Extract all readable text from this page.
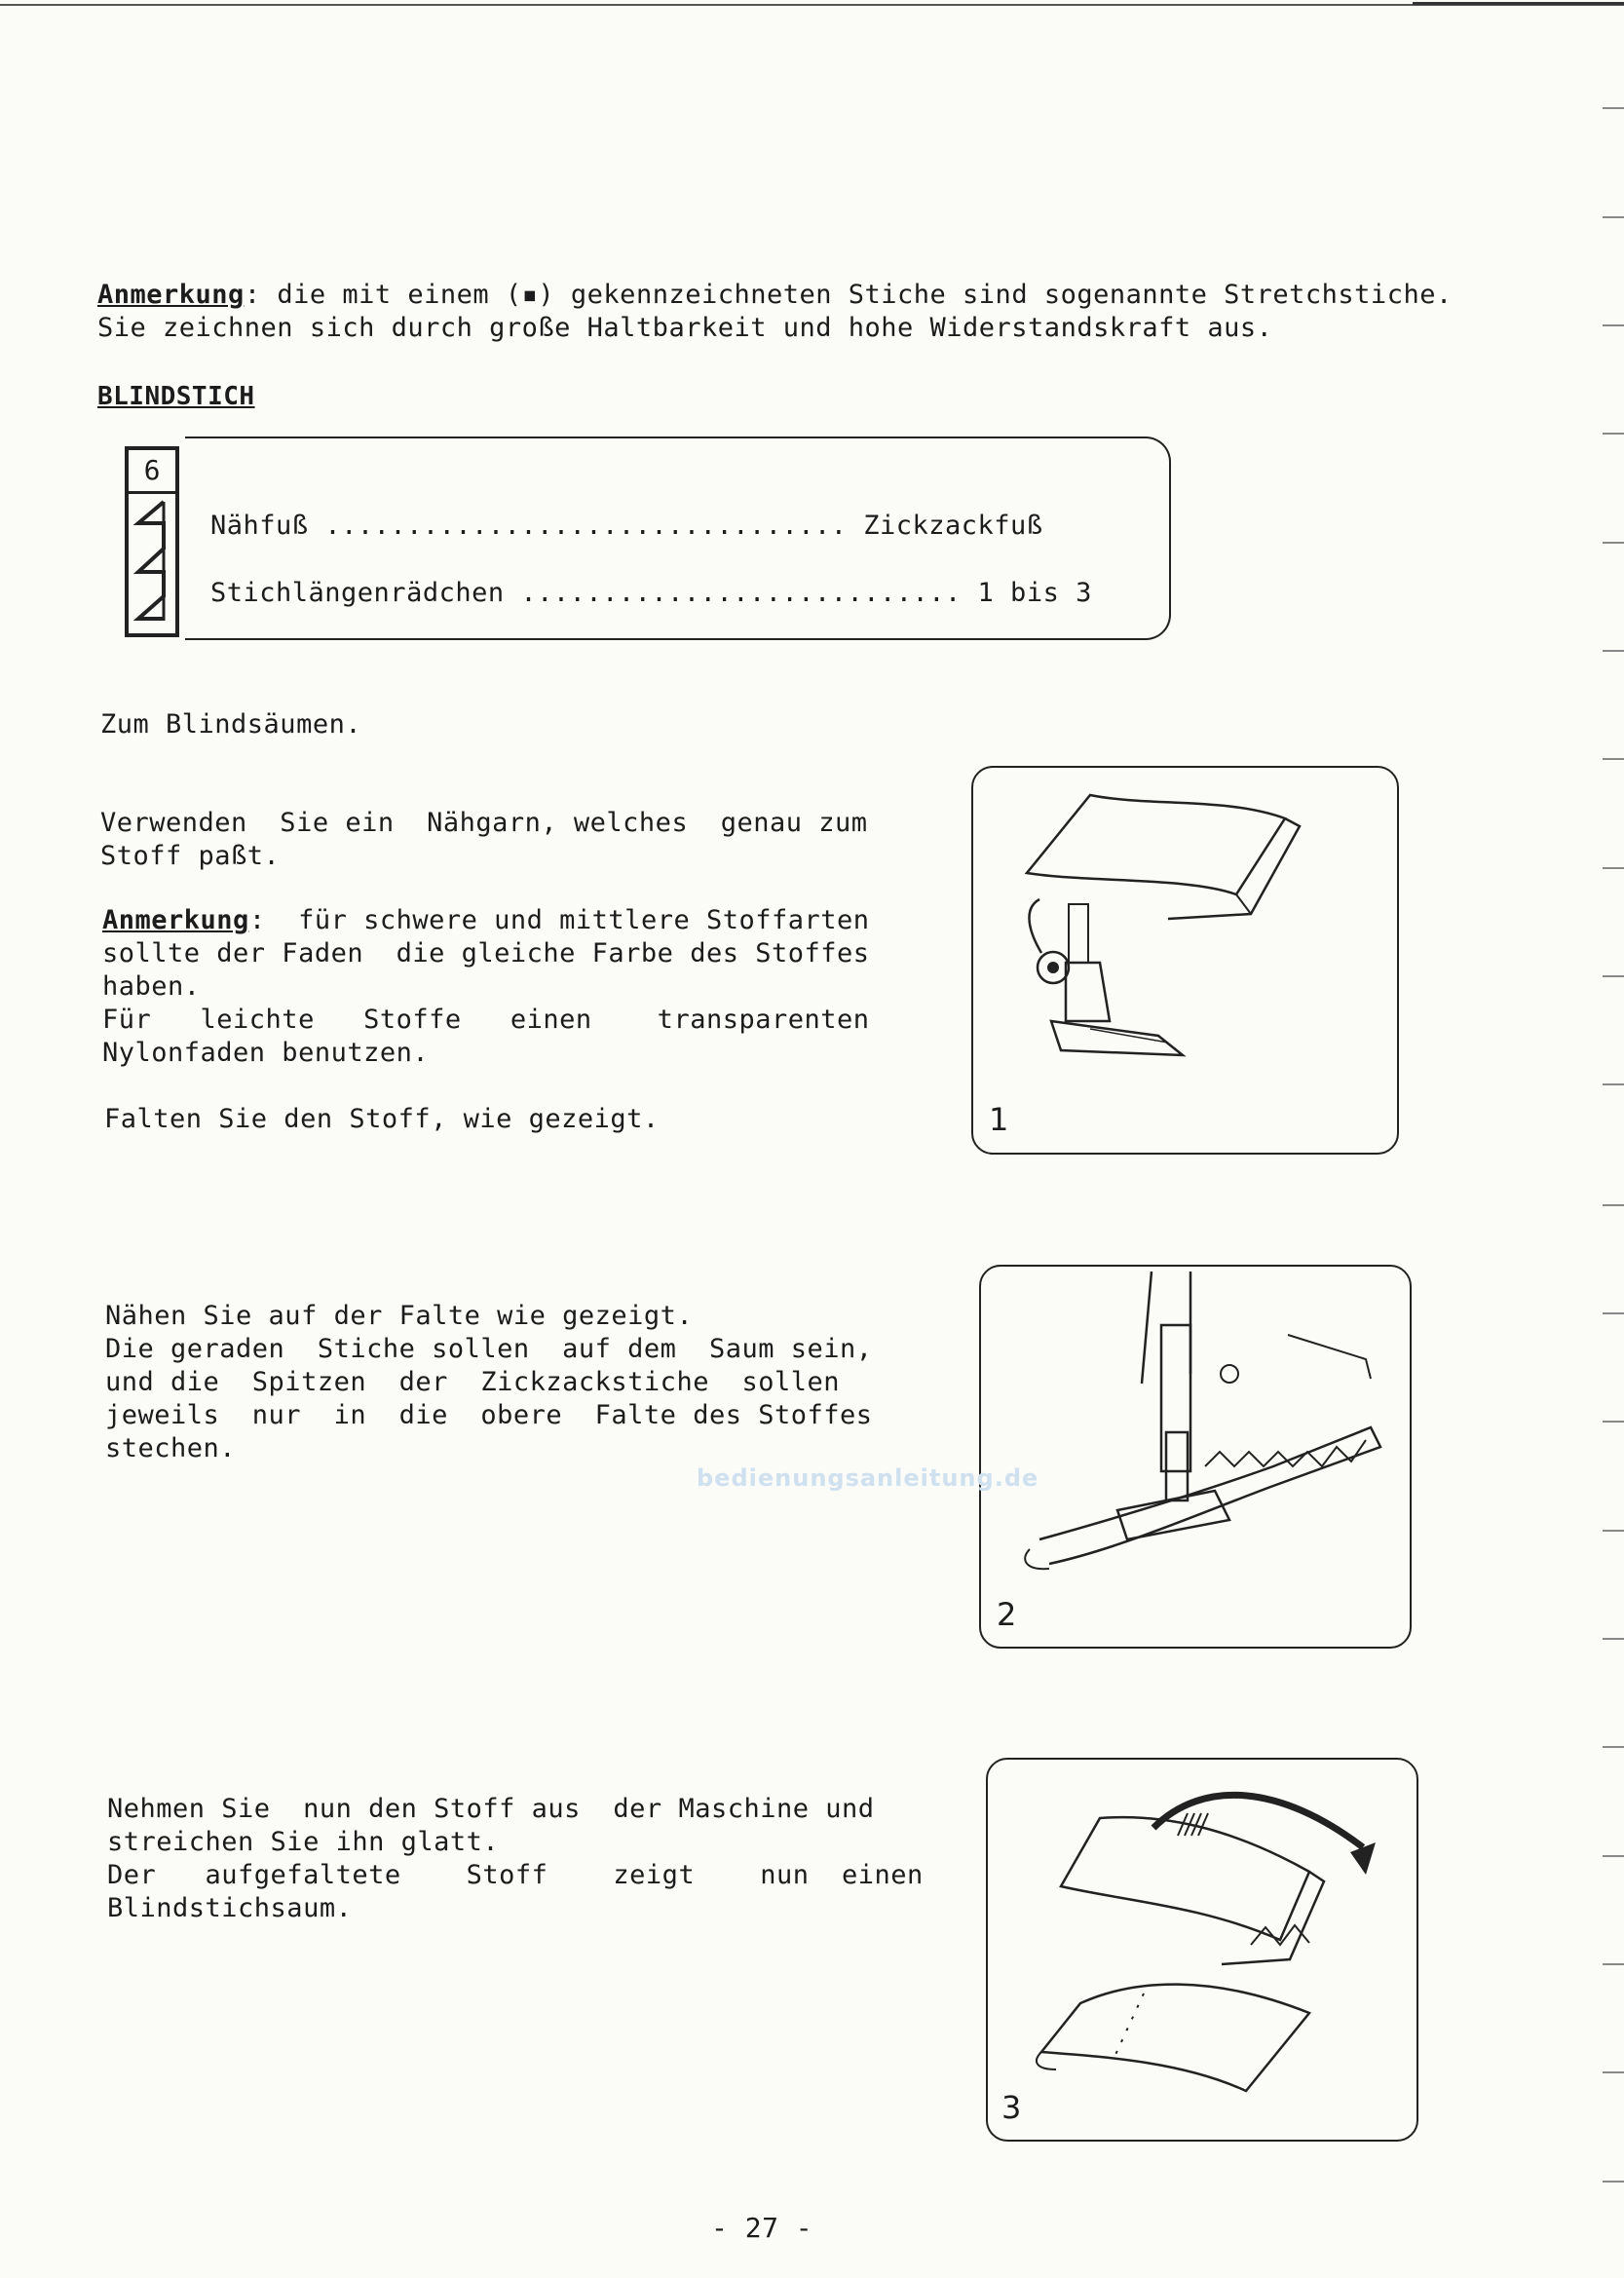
Anmerkung: die mit einem (▪) gekennzeichneten Stiche sind sogenannte Stretchstiche.
Sie zeichnen sich durch große Haltbarkeit und hohe Widerstandskraft aus.
BLINDSTICH
6
Nähfuß ................................ Zickzackfuß
Stichlängenrädchen ........................... 1 bis 3
Zum Blindsäumen.
Verwenden  Sie ein  Nähgarn, welches  genau zum
Stoff paßt.
Anmerkung:  für schwere und mittlere Stoffarten
sollte der Faden  die gleiche Farbe des Stoffes
haben.
Für   leichte   Stoffe   einen    transparenten
Nylonfaden benutzen.
Falten Sie den Stoff, wie gezeigt.	1
Nähen Sie auf der Falte wie gezeigt.
Die geraden  Stiche sollen  auf dem  Saum sein,
und die  Spitzen  der  Zickzackstiche  sollen
jeweils  nur  in  die  obere  Falte des Stoffes
stechen.
2
bedienungsanleitung.de
Nehmen Sie  nun den Stoff aus  der Maschine und
streichen Sie ihn glatt.
Der   aufgefaltete    Stoff    zeigt    nun  einen
Blindstichsaum.
3
- 27 -
